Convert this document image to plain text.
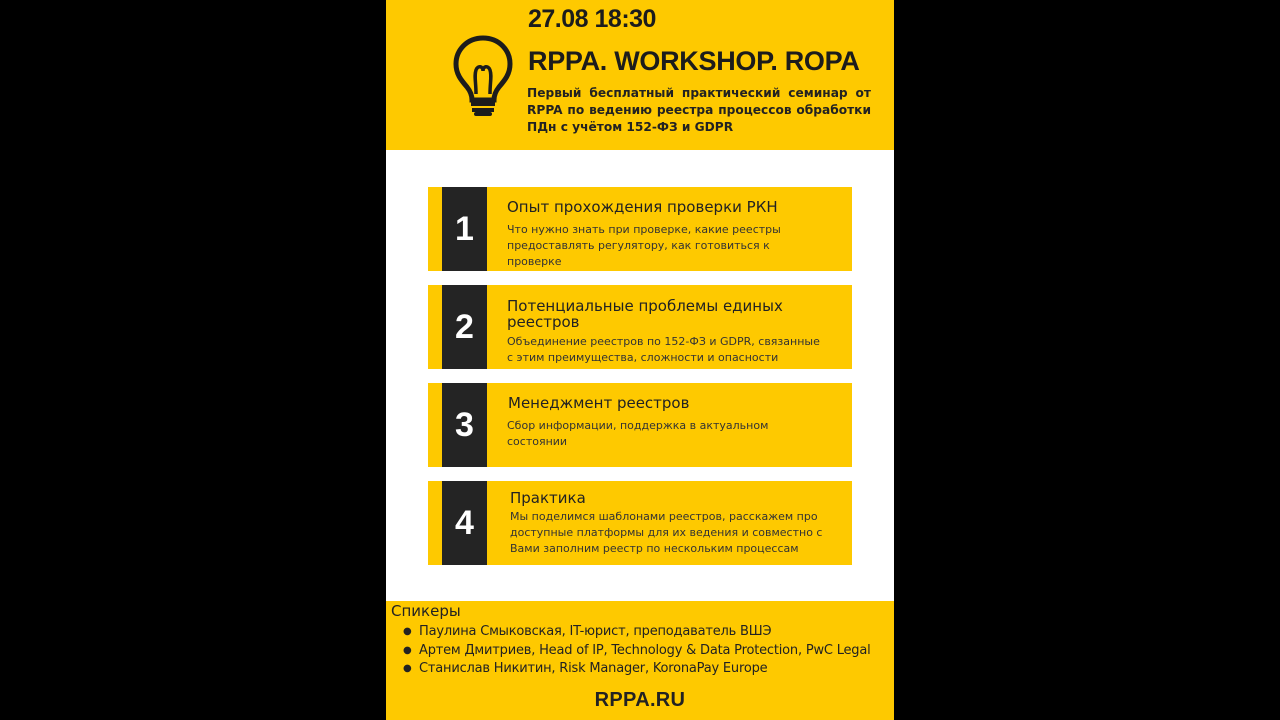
27.08 18:30
RPPA. WORKSHOP. ROPA
Первый бесплатный практический семинар от RPPA по ведению реестра процессов обработки ПДн с учётом 152-ФЗ и GDPR
1
Опыт прохождения проверки РКН
Что нужно знать при проверке, какие реестры предоставлять регулятору, как готовиться к проверке
2
Потенциальные проблемы единых реестров
Объединение реестров по 152-ФЗ и GDPR, связанные с этим преимущества, сложности и опасности
3
Менеджмент реестров
Сбор информации, поддержка в актуальном состоянии
4
Практика
Мы поделимся шаблонами реестров, расскажем про доступные платформы для их ведения и совместно с Вами заполним реестр по нескольким процессам
Спикеры
● Паулина Смыковская, IT-юрист, преподаватель ВШЭ
● Артем Дмитриев, Head of IP, Technology & Data Protection, PwC Legal
● Станислав Никитин, Risk Manager, KoronaPay Europe
RPPA.RU
